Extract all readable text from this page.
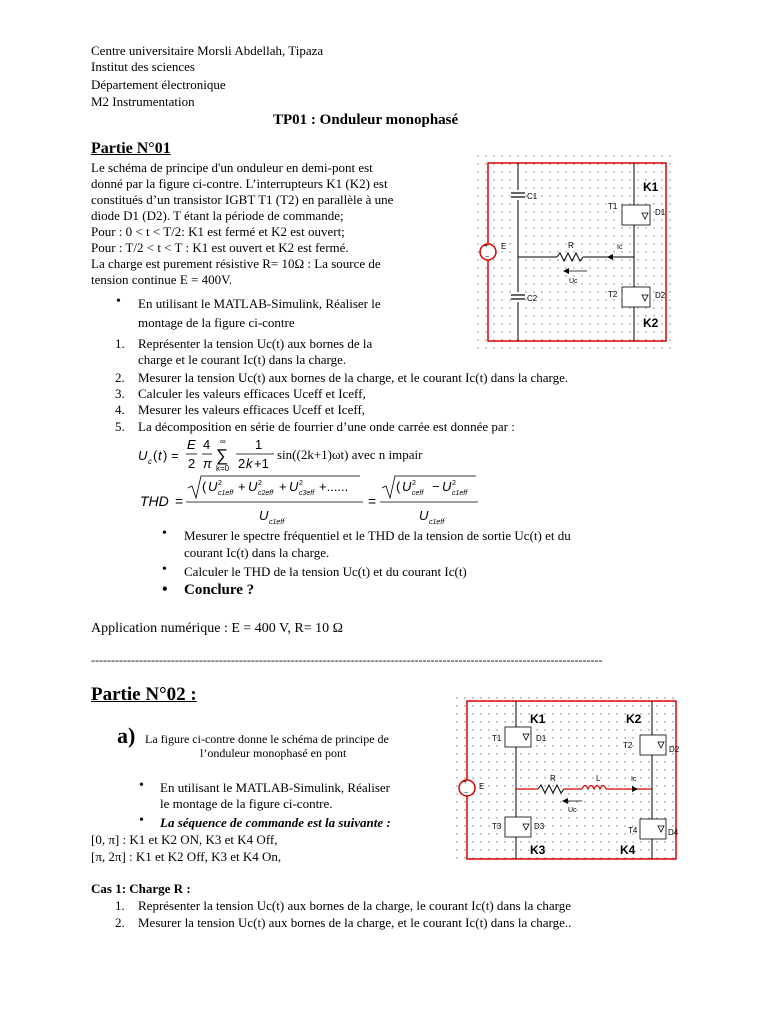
Centre universitaire Morsli Abdellah, Tipaza
Institut des sciences
Département électronique
M2 Instrumentation
TP01 : Onduleur monophasé
Partie N°01
Le schéma de principe d'un onduleur en demi-pont est
donné par la figure ci-contre. L’interrupteurs K1 (K2) est
constitués d’un transistor IGBT T1 (T2) en parallèle à une
diode D1 (D2). T étant la période de commande;
Pour : 0 < t < T/2: K1 est fermé et K2 est ouvert;
Pour : T/2 < t < T : K1 est ouvert et K2 est fermé.
La charge est purement résistive R= 10Ω : La source de
tension continue E = 400V.
• En utilisant le MATLAB-Simulink, Réaliser le
montage de la figure ci-contre
1. Représenter la tension Uc(t) aux bornes de la
charge et le courant Ic(t) dans la charge.
2. Mesurer la tension Uc(t) aux bornes de la charge, et le courant Ic(t) dans la charge.
3. Calculer les valeurs efficaces Uceff et Iceff,
4. Mesurer les valeurs efficaces Uceff et Iceff,
5. La décomposition en série de fourrier d’une onde carrée est donnée par :
U c ( t ) =
E
2
4
π
∞
∑
k=0
1
2 k +1
sin((2k+1)ωt) avec n impair
THD =
( U 2
c1eff + U 2
c2eff + U 2
c3eff +......
U c1eff
=
( U 2
ceff − U 2
c1eff
U c1eff
• Mesurer le spectre fréquentiel et le THD de la tension de sortie Uc(t) et du
courant Ic(t) dans la charge.
• Calculer le THD de la tension Uc(t) et du courant Ic(t)
• Conclure ?
Application numérique : E = 400 V, R= 10 Ω
--------------------------------------------------------------------------------------------------------------------------------
Partie N°02 :
a) La figure ci-contre donne le schéma de principe de
l’onduleur monophasé en pont
• En utilisant le MATLAB-Simulink, Réaliser
le montage de la figure ci-contre.
• La séquence de commande est la suivante :
[0, π] : K1 et K2 ON, K3 et K4 Off,
[π, 2π] : K1 et K2 Off, K3 et K4 On,
Cas 1: Charge R :
1. Représenter la tension Uc(t) aux bornes de la charge, le courant Ic(t) dans la charge
2. Mesurer la tension Uc(t) aux bornes de la charge, et le courant Ic(t) dans la charge..
+
−
E
C1
C2
T1
D1
T2	D2
K1
K2
R	Ic
Uc
+
−
E
T1	D1
T3	D3
K1
K3
T2	D2
T4	D4
K2
K4
R	L	Ic
Uc
